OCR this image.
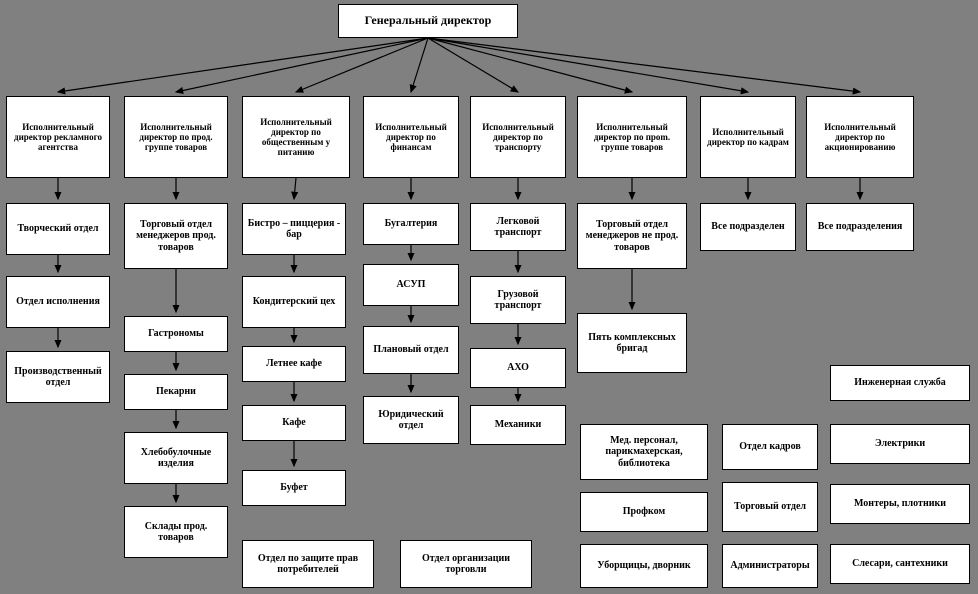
Генеральный директор
Исполнительный директор рекламного агентства
Исполнительный директор по прод. группе товаров
Исполнительный директор по общественным у питанию
Исполнительный директор по финансам
Исполнительный директор по транспорту
Исполнительный директор по прom. группе товаров
Исполнительный директор по кадрам
Исполнительный директор по акционированию
Творческий отдел
Отдел исполнения
Производственный отдел
Торговый отдел менеджеров прод. товаров
Гастрономы
Пекарни
Хлебобулочные изделия
Склады прод. товаров
Бистро – пиццерия - бар
Кондитерский цех
Летнее кафе
Кафе
Буфет
Бугалтерия
АСУП
Плановый отдел
Юридический отдел
Легковой транспорт
Грузовой транспорт
АХО
Механики
Торговый отдел менеджеров не прод. товаров
Пять комплексных бригад
Все подразделен	Все подразделения
Инженерная служба
Электрики
Монтеры, плотники
Слесари, сантехники
Мед. персонал, парикмахерская, библиотека
Профком
Уборщицы, дворник
Отдел кадров
Торговый отдел
Администраторы
Отдел по защите прав потребителей
Отдел организации торговли
